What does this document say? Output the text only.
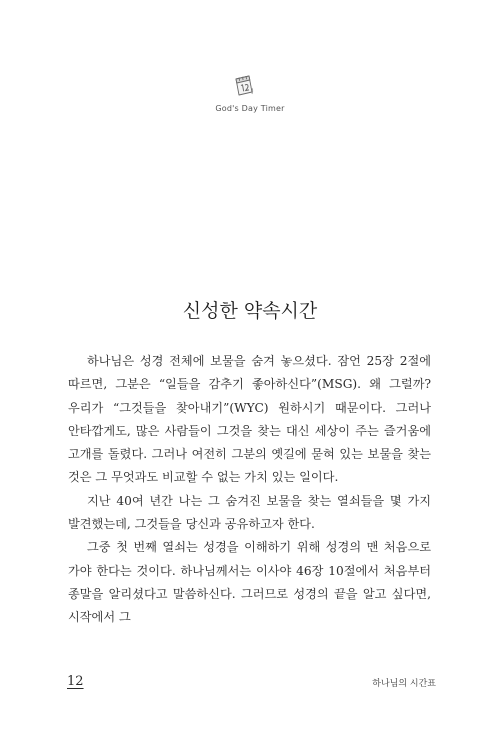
God's Day Timer
신성한 약속시간

하나님은 성경 전체에 보물을 숨겨 놓으셨다. 잠언 25장 2절에 따르면, 그분은 “일들을 감추기 좋아하신다”(MSG). 왜 그럴까? 우리가 “그것들을 찾아내기”(WYC) 원하시기 때문이다. 그러나 안타깝게도, 많은 사람들이 그것을 찾는 대신 세상이 주는 즐거움에 고개를 돌렸다. 그러나 여전히 그분의 옛길에 묻혀 있는 보물을 찾는 것은 그 무엇과도 비교할 수 없는 가치 있는 일이다.

지난 40여 년간 나는 그 숨겨진 보물을 찾는 열쇠들을 몇 가지 발견했는데, 그것들을 당신과 공유하고자 한다.

그중 첫 번째 열쇠는 성경을 이해하기 위해 성경의 맨 처음으로 가야 한다는 것이다. 하나님께서는 이사야 46장 10절에서 처음부터 종말을 알리셨다고 말씀하신다. 그러므로 성경의 끝을 알고 싶다면, 시작에서 그

12	하나님의 시간표
